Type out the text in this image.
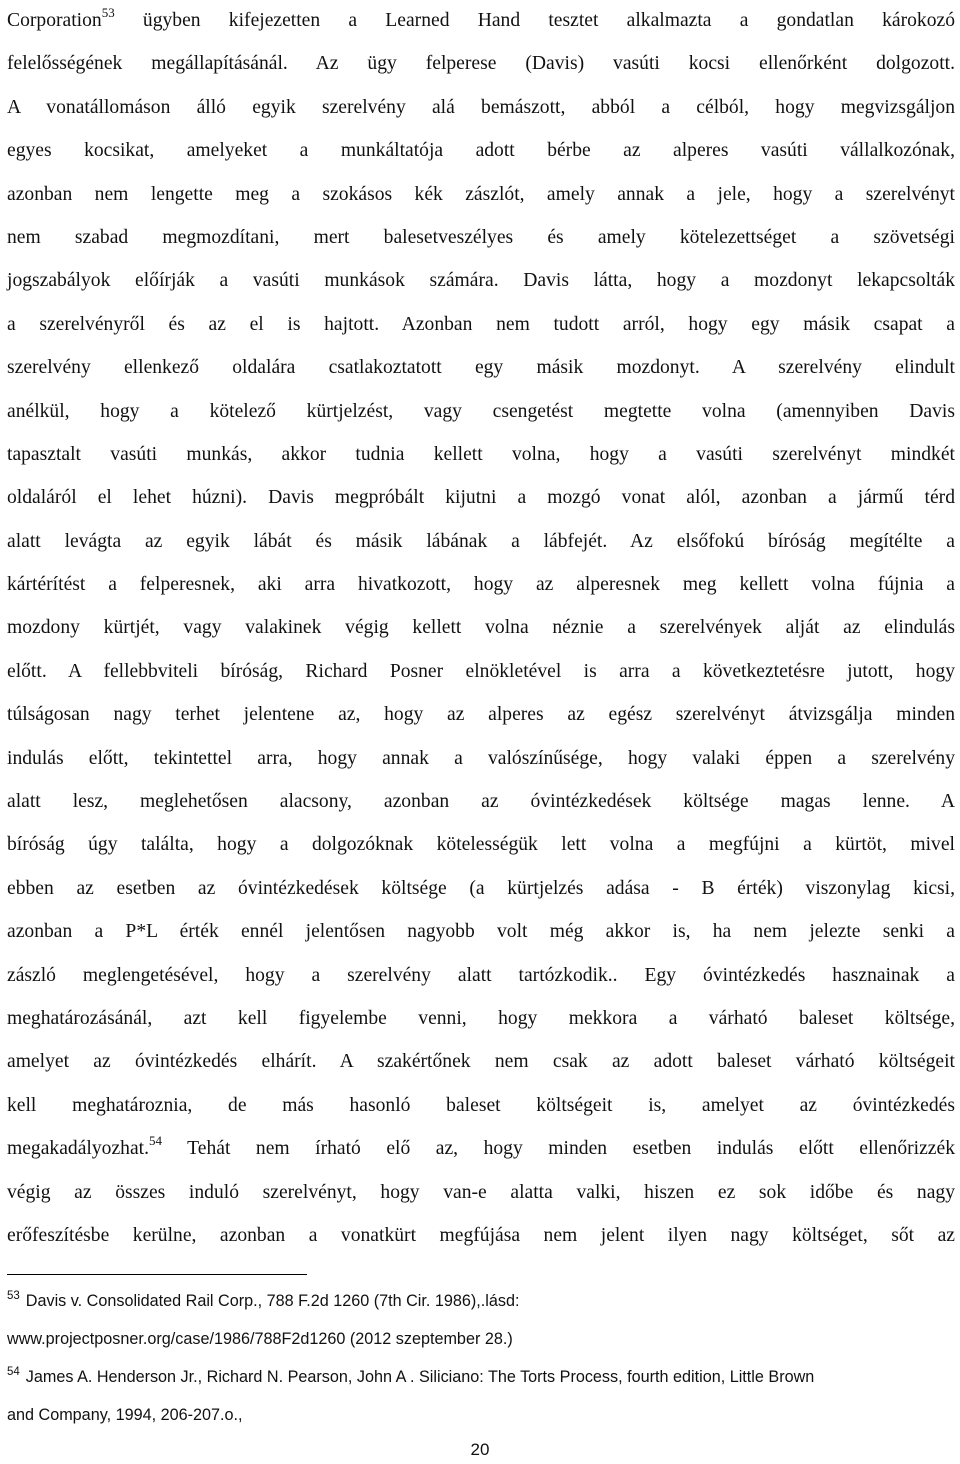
Corporation$^{53}$ ügyben kifejezetten a Learned Hand tesztet alkalmazta a gondatlan károkozó
felelősségének megállapításánál. Az ügy felperese (Davis) vasúti kocsi ellenőrként dolgozott.
A vonatállomáson álló egyik szerelvény alá bemászott, abból a célból, hogy megvizsgáljon
egyes kocsikat, amelyeket a munkáltatója adott bérbe az alperes vasúti vállalkozónak,
azonban nem lengette meg a szokásos kék zászlót, amely annak a jele, hogy a szerelvényt
nem szabad megmozdítani, mert balesetveszélyes és amely kötelezettséget a szövetségi
jogszabályok előírják a vasúti munkások számára. Davis látta, hogy a mozdonyt lekapcsolták
a szerelvényről és az el is hajtott. Azonban nem tudott arról, hogy egy másik csapat a
szerelvény ellenkező oldalára csatlakoztatott egy másik mozdonyt. A szerelvény elindult
anélkül, hogy a kötelező kürtjelzést, vagy csengetést megtette volna (amennyiben Davis
tapasztalt vasúti munkás, akkor tudnia kellett volna, hogy a vasúti szerelvényt mindkét
oldaláról el lehet húzni). Davis megpróbált kijutni a mozgó vonat alól, azonban a jármű térd
alatt levágta az egyik lábát és másik lábának a lábfejét. Az elsőfokú bíróság megítélte a
kártérítést a felperesnek, aki arra hivatkozott, hogy az alperesnek meg kellett volna fújnia a
mozdony kürtjét, vagy valakinek végig kellett volna néznie a szerelvények alját az elindulás
előtt. A fellebbviteli bíróság, Richard Posner elnökletével is arra a következtetésre jutott, hogy
túlságosan nagy terhet jelentene az, hogy az alperes az egész szerelvényt átvizsgálja minden
indulás előtt, tekintettel arra, hogy annak a valószínűsége, hogy valaki éppen a szerelvény
alatt lesz, meglehetősen alacsony, azonban az óvintézkedések költsége magas lenne. A
bíróság úgy találta, hogy a dolgozóknak kötelességük lett volna a megfújni a kürtöt, mivel
ebben az esetben az óvintézkedések költsége (a kürtjelzés adása - B érték) viszonylag kicsi,
azonban a P*L érték ennél jelentősen nagyobb volt még akkor is, ha nem jelezte senki a
zászló meglengetésével, hogy a szerelvény alatt tartózkodik.. Egy óvintézkedés hasznainak a
meghatározásánál, azt kell figyelembe venni, hogy mekkora a várható baleset költsége,
amelyet az óvintézkedés elhárít. A szakértőnek nem csak az adott baleset várható költségeit
kell meghatároznia, de más hasonló baleset költségeit is, amelyet az óvintézkedés
megakadályozhat.$^{54}$ Tehát nem írható elő az, hogy minden esetben indulás előtt ellenőrizzék
végig az összes induló szerelvényt, hogy van-e alatta valki, hiszen ez sok időbe és nagy
erőfeszítésbe kerülne, azonban a vonatkürt megfújása nem jelent ilyen nagy költséget, sőt az
$^{53}$ Davis v. Consolidated Rail Corp., 788 F.2d 1260 (7th Cir. 1986),.lásd:
www.projectposner.org/case/1986/788F2d1260 (2012 szeptember 28.)
$^{54}$ James A. Henderson Jr., Richard N. Pearson, John A . Siliciano: The Torts Process, fourth edition, Little Brown
and Company, 1994, 206-207.o.,
20
